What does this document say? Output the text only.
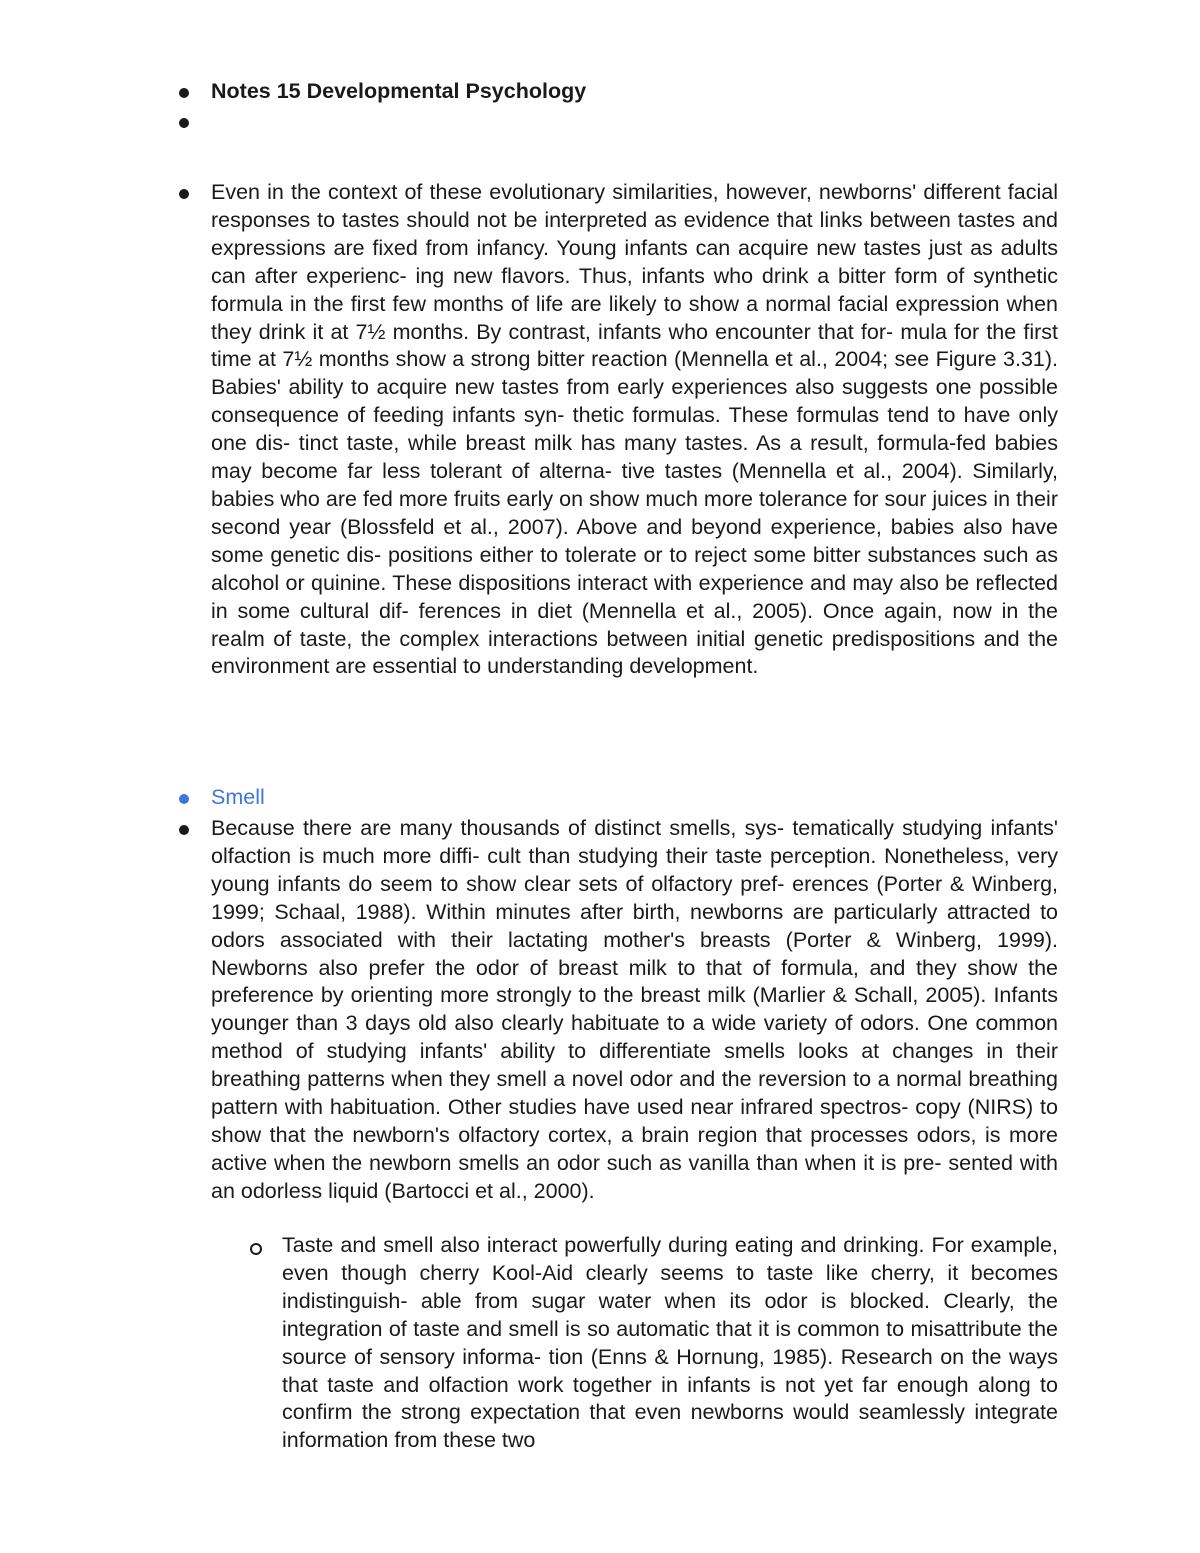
Notes 15 Developmental Psychology
Even in the context of these evolutionary similarities, however, newborns' different facial responses to tastes should not be interpreted as evidence that links between tastes and expressions are fixed from infancy. Young infants can acquire new tastes just as adults can after experienc- ing new flavors. Thus, infants who drink a bitter form of synthetic formula in the first few months of life are likely to show a normal facial expression when they drink it at 7½ months. By contrast, infants who encounter that for- mula for the first time at 7½ months show a strong bitter reaction (Mennella et al., 2004; see Figure 3.31). Babies' ability to acquire new tastes from early experiences also suggests one possible consequence of feeding infants syn- thetic formulas. These formulas tend to have only one dis- tinct taste, while breast milk has many tastes. As a result, formula-fed babies may become far less tolerant of alterna- tive tastes (Mennella et al., 2004). Similarly, babies who are fed more fruits early on show much more tolerance for sour juices in their second year (Blossfeld et al., 2007). Above and beyond experience, babies also have some genetic dis- positions either to tolerate or to reject some bitter substances such as alcohol or quinine. These dispositions interact with experience and may also be reflected in some cultural dif- ferences in diet (Mennella et al., 2005). Once again, now in the realm of taste, the complex interactions between initial genetic predispositions and the environment are essential to understanding development.
Smell
Because there are many thousands of distinct smells, sys- tematically studying infants' olfaction is much more diffi- cult than studying their taste perception. Nonetheless, very young infants do seem to show clear sets of olfactory pref- erences (Porter & Winberg, 1999; Schaal, 1988). Within minutes after birth, newborns are particularly attracted to odors associated with their lactating mother's breasts (Porter & Winberg, 1999). Newborns also prefer the odor of breast milk to that of formula, and they show the preference by orienting more strongly to the breast milk (Marlier & Schall, 2005). Infants younger than 3 days old also clearly habituate to a wide variety of odors. One common method of studying infants' ability to differentiate smells looks at changes in their breathing patterns when they smell a novel odor and the reversion to a normal breathing pattern with habituation. Other studies have used near infrared spectros- copy (NIRS) to show that the newborn's olfactory cortex, a brain region that processes odors, is more active when the newborn smells an odor such as vanilla than when it is pre- sented with an odorless liquid (Bartocci et al., 2000).
Taste and smell also interact powerfully during eating and drinking. For example, even though cherry Kool-Aid clearly seems to taste like cherry, it becomes indistinguish- able from sugar water when its odor is blocked. Clearly, the integration of taste and smell is so automatic that it is common to misattribute the source of sensory informa- tion (Enns & Hornung, 1985). Research on the ways that taste and olfaction work together in infants is not yet far enough along to confirm the strong expectation that even newborns would seamlessly integrate information from these two
